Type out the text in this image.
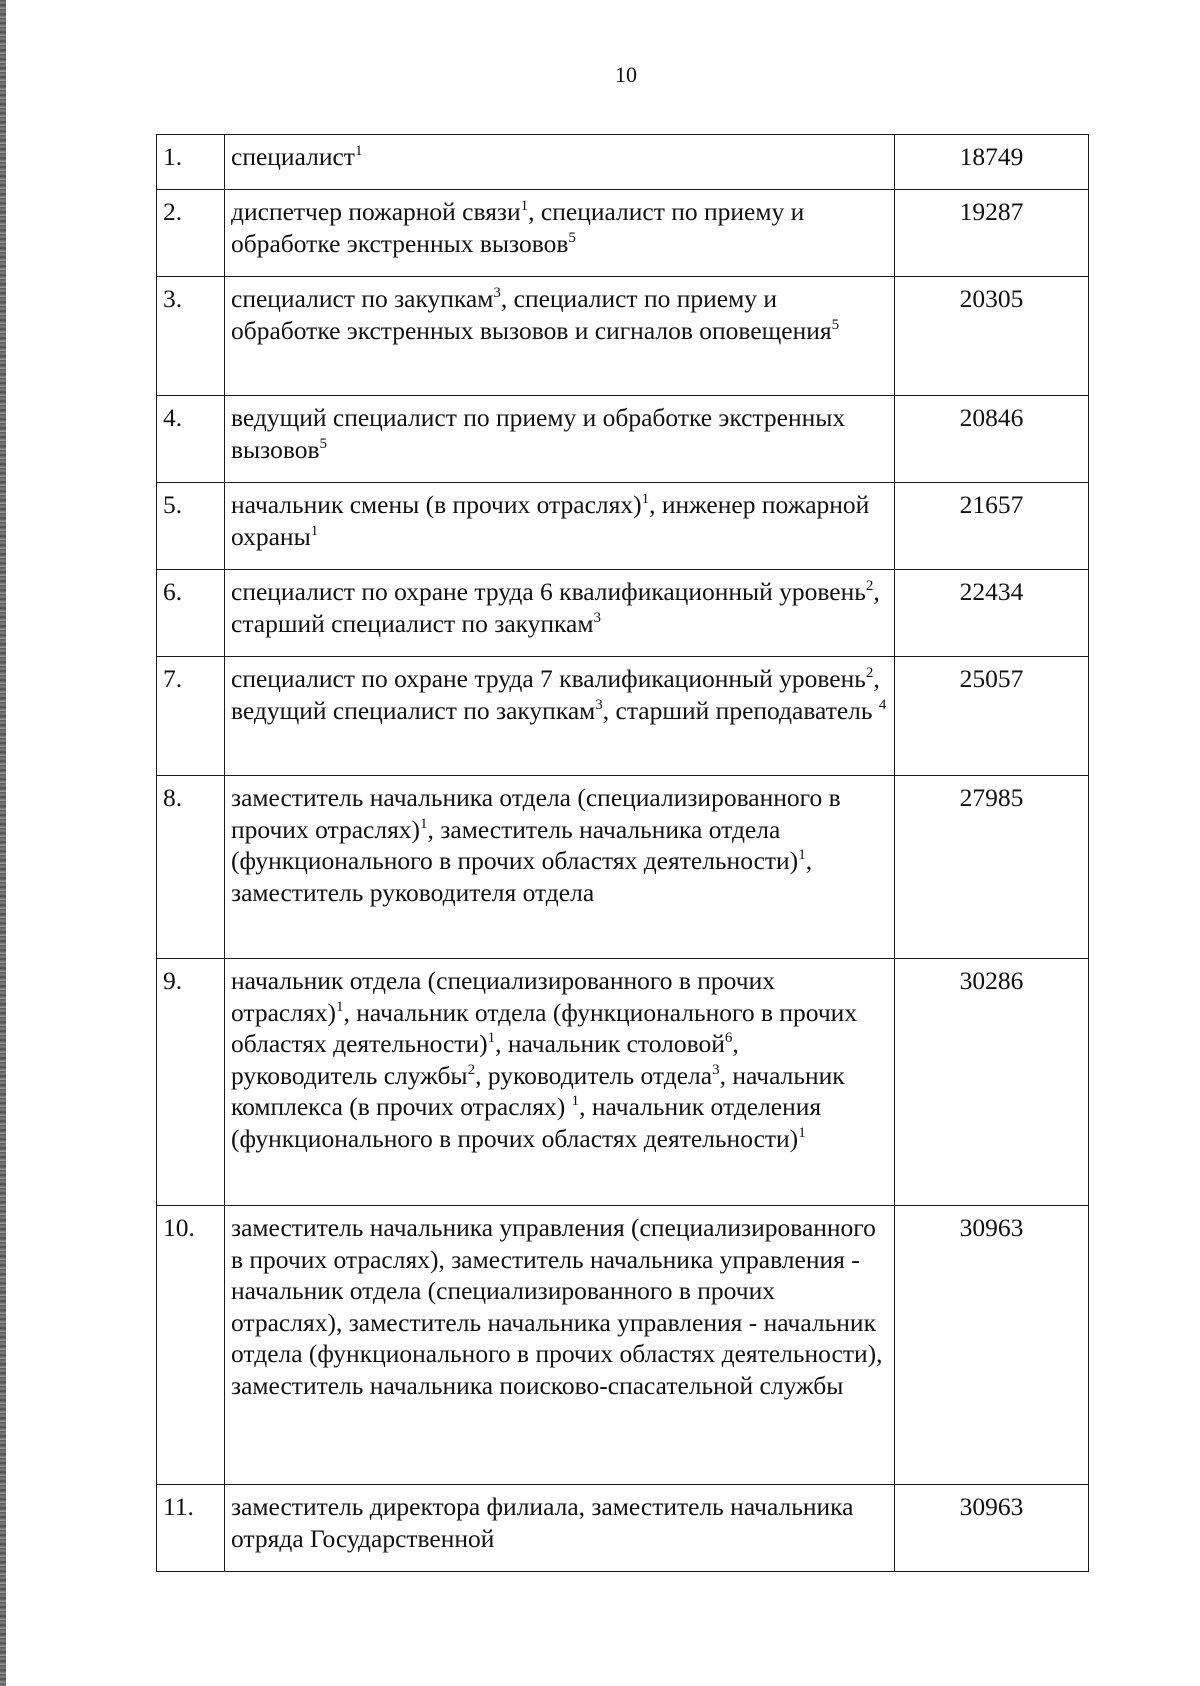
10
1.	специалист$^1$	18749
2.	диспетчер пожарной связи$^1$, специалист по приему и обработке экстренных вызовов$^5$	19287
3.	специалист по закупкам$^3$, специалист по приему и обработке экстренных вызовов и сигналов оповещения$^5$	20305
4.	ведущий специалист по приему и обработке экстренных вызовов$^5$	20846
5.	начальник смены (в прочих отраслях)$^1$, инженер пожарной охраны$^1$	21657
6.	специалист по охране труда 6 квалификационный уровень$^2$, старший специалист по закупкам$^3$	22434
7.	специалист по охране труда 7 квалификационный уровень$^2$, ведущий специалист по закупкам$^3$, старший преподаватель $^4$	25057
8.	заместитель начальника отдела (специализированного в прочих отраслях)$^1$, заместитель начальника отдела (функционального в прочих областях деятельности)$^1$, заместитель руководителя отдела	27985
9.	начальник отдела (специализированного в прочих отраслях)$^1$, начальник отдела (функционального в прочих областях деятельности)$^1$, начальник столовой$^6$, руководитель службы$^2$, руководитель отдела$^3$, начальник комплекса (в прочих отраслях) $^1$, начальник отделения (функционального в прочих областях деятельности)$^1$	30286
10.	заместитель начальника управления (специализированного в прочих отраслях), заместитель начальника управления - начальник отдела (специализированного в прочих отраслях), заместитель начальника управления - начальник отдела (функционального в прочих областях деятельности), заместитель начальника поисково-спасательной службы	30963
11.	заместитель директора филиала, заместитель начальника отряда Государственной	30963
